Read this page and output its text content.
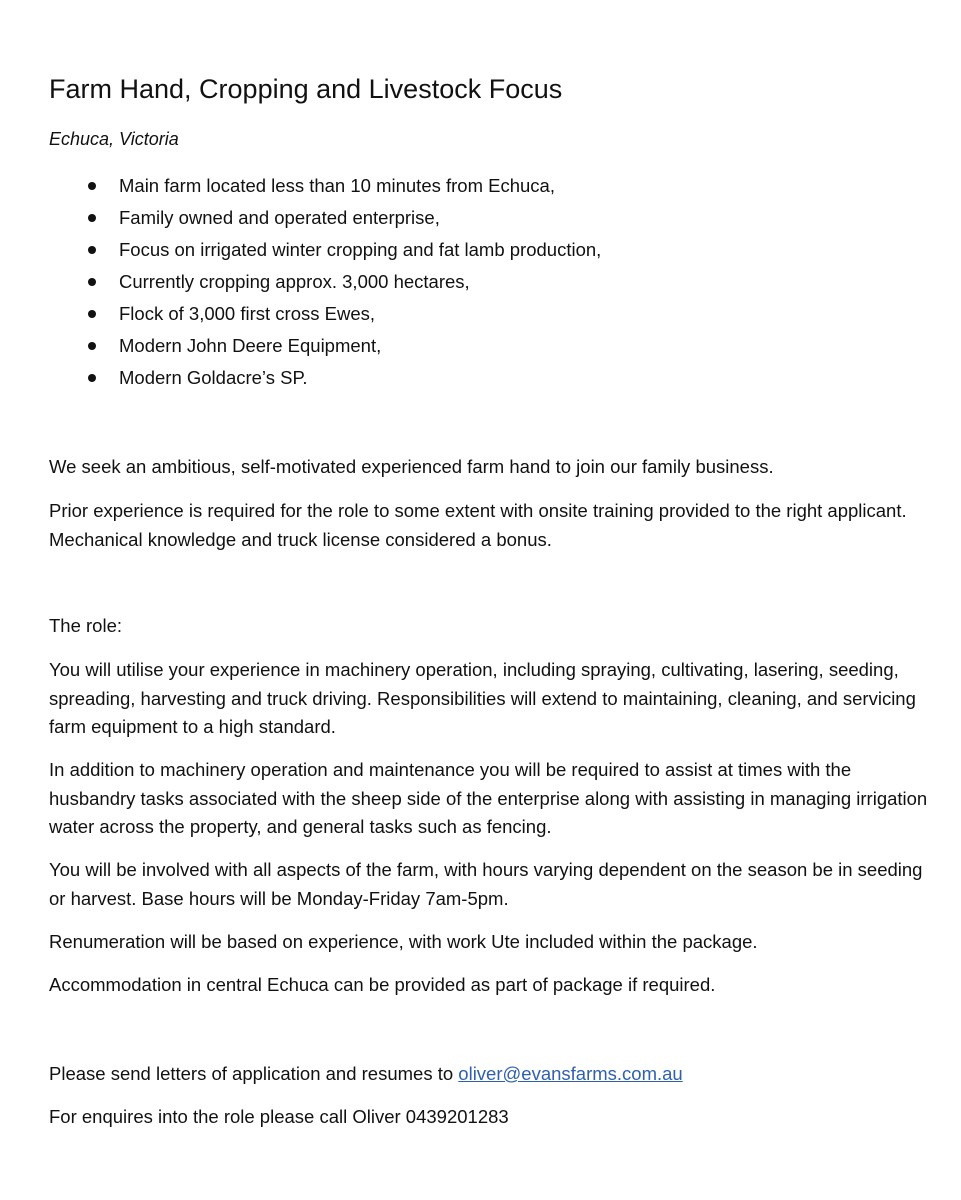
Farm Hand, Cropping and Livestock Focus

Echuca, Victoria

Main farm located less than 10 minutes from Echuca,
Family owned and operated enterprise,
Focus on irrigated winter cropping and fat lamb production,
Currently cropping approx. 3,000 hectares,
Flock of 3,000 first cross Ewes,
Modern John Deere Equipment,
Modern Goldacre’s SP.

We seek an ambitious, self-motivated experienced farm hand to join our family business.

Prior experience is required for the role to some extent with onsite training provided to the right applicant. Mechanical knowledge and truck license considered a bonus.

The role:

You will utilise your experience in machinery operation, including spraying, cultivating, lasering, seeding, spreading, harvesting and truck driving. Responsibilities will extend to maintaining, cleaning, and servicing farm equipment to a high standard.

In addition to machinery operation and maintenance you will be required to assist at times with the husbandry tasks associated with the sheep side of the enterprise along with assisting in managing irrigation water across the property, and general tasks such as fencing.

You will be involved with all aspects of the farm, with hours varying dependent on the season be in seeding or harvest. Base hours will be Monday-Friday 7am-5pm.

Renumeration will be based on experience, with work Ute included within the package.

Accommodation in central Echuca can be provided as part of package if required.

Please send letters of application and resumes to oliver@evansfarms.com.au

For enquires into the role please call Oliver 0439201283
